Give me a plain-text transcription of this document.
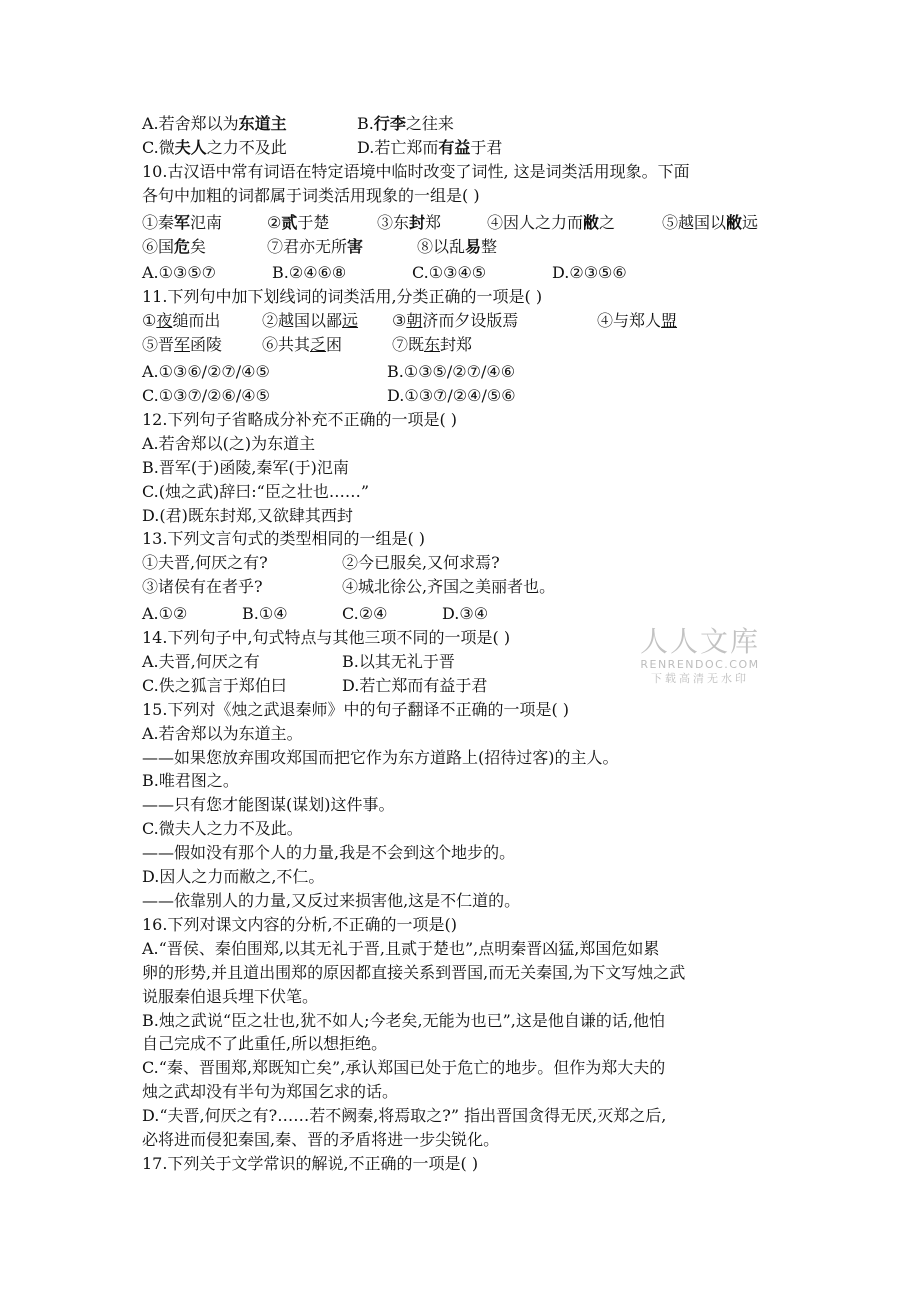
A.若舍郑以为东道主	B.行李之往来
C.微夫人之力不及此	D.若亡郑而有益于君
10.古汉语中常有词语在特定语境中临时改变了词性, 这是词类活用现象。下面
各句中加粗的词都属于词类活用现象的一组是( )
①秦军氾南	②贰于楚	③东封郑	④因人之力而敝之	⑤越国以敝远
⑥国危矣	⑦君亦无所害	⑧以乱易整
A.①③⑤⑦	B.②④⑥⑧	C.①③④⑤	D.②③⑤⑥
11.下列句中加下划线词的词类活用,分类正确的一项是( )
①夜缒而出	②越国以鄙远 ③朝济而夕设版焉	④与郑人盟
⑤晋军函陵 ⑥共其乏困	⑦既东封郑
A.①③⑥/②⑦/④⑤	B.①③⑤/②⑦/④⑥
C.①③⑦/②⑥/④⑤	D.①③⑦/②④/⑤⑥
12.下列句子省略成分补充不正确的一项是( )
A.若舍郑以(之)为东道主
B.晋军(于)函陵,秦军(于)氾南
C.(烛之武)辞曰:“臣之壮也……”
D.(君)既东封郑,又欲肆其西封
13.下列文言句式的类型相同的一组是( )
①夫晋,何厌之有?	②今已服矣,又何求焉?
③诸侯有在者乎?	④城北徐公,齐国之美丽者也。
A.①②	B.①④	C.②④	D.③④
14.下列句子中,句式特点与其他三项不同的一项是( )
A.夫晋,何厌之有	B.以其无礼于晋
C.佚之狐言于郑伯曰	D.若亡郑而有益于君
15.下列对《烛之武退秦师》中的句子翻译不正确的一项是( )
A.若舍郑以为东道主。
——如果您放弃围攻郑国而把它作为东方道路上(招待过客)的主人。
B.唯君图之。
——只有您才能图谋(谋划)这件事。
C.微夫人之力不及此。
——假如没有那个人的力量,我是不会到这个地步的。
D.因人之力而敝之,不仁。
——依靠别人的力量,又反过来损害他,这是不仁道的。
16.下列对课文内容的分析,不正确的一项是()
A.“晋侯、秦伯围郑,以其无礼于晋,且贰于楚也”,点明秦晋凶猛,郑国危如累
卵的形势,并且道出围郑的原因都直接关系到晋国,而无关秦国,为下文写烛之武
说服秦伯退兵埋下伏笔。
B.烛之武说“臣之壮也,犹不如人;今老矣,无能为也已”,这是他自谦的话,他怕
自己完成不了此重任,所以想拒绝。
C.“秦、晋围郑,郑既知亡矣”,承认郑国已处于危亡的地步。但作为郑大夫的
烛之武却没有半句为郑国乞求的话。
D.“夫晋,何厌之有?……若不阙秦,将焉取之?” 指出晋国贪得无厌,灭郑之后,
必将进而侵犯秦国,秦、晋的矛盾将进一步尖锐化。
17.下列关于文学常识的解说,不正确的一项是( )
人人文库
RENRENDOC.COM
下载高清无水印
